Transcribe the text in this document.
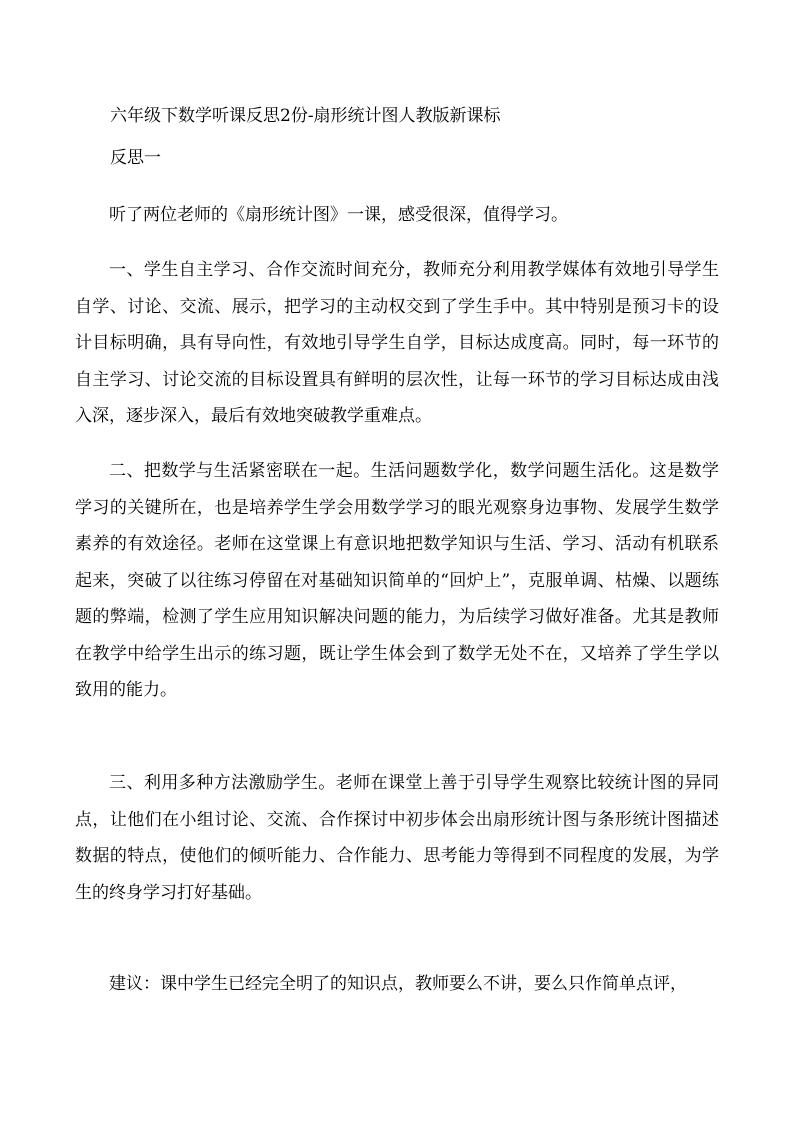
六年级下数学听课反思2份-扇形统计图人教版新课标
反思一

听了两位老师的《扇形统计图》一课，感受很深，值得学习。

一、学生自主学习、合作交流时间充分，教师充分利用教学媒体有效地引导学生自学、讨论、交流、展示，把学习的主动权交到了学生手中。其中特别是预习卡的设计目标明确，具有导向性，有效地引导学生自学，目标达成度高。同时，每一环节的自主学习、讨论交流的目标设置具有鲜明的层次性，让每一环节的学习目标达成由浅入深，逐步深入，最后有效地突破教学重难点。

二、把数学与生活紧密联在一起。生活问题数学化，数学问题生活化。这是数学学习的关键所在，也是培养学生学会用数学学习的眼光观察身边事物、发展学生数学素养的有效途径。老师在这堂课上有意识地把数学知识与生活、学习、活动有机联系起来，突破了以往练习停留在对基础知识简单的“回炉上”，克服单调、枯燥、以题练题的弊端，检测了学生应用知识解决问题的能力，为后续学习做好准备。尤其是教师在教学中给学生出示的练习题，既让学生体会到了数学无处不在，又培养了学生学以致用的能力。

三、利用多种方法激励学生。老师在课堂上善于引导学生观察比较统计图的异同点，让他们在小组讨论、交流、合作探讨中初步体会出扇形统计图与条形统计图描述数据的特点，使他们的倾听能力、合作能力、思考能力等得到不同程度的发展，为学生的终身学习打好基础。

建议：课中学生已经完全明了的知识点，教师要么不讲，要么只作简单点评，
